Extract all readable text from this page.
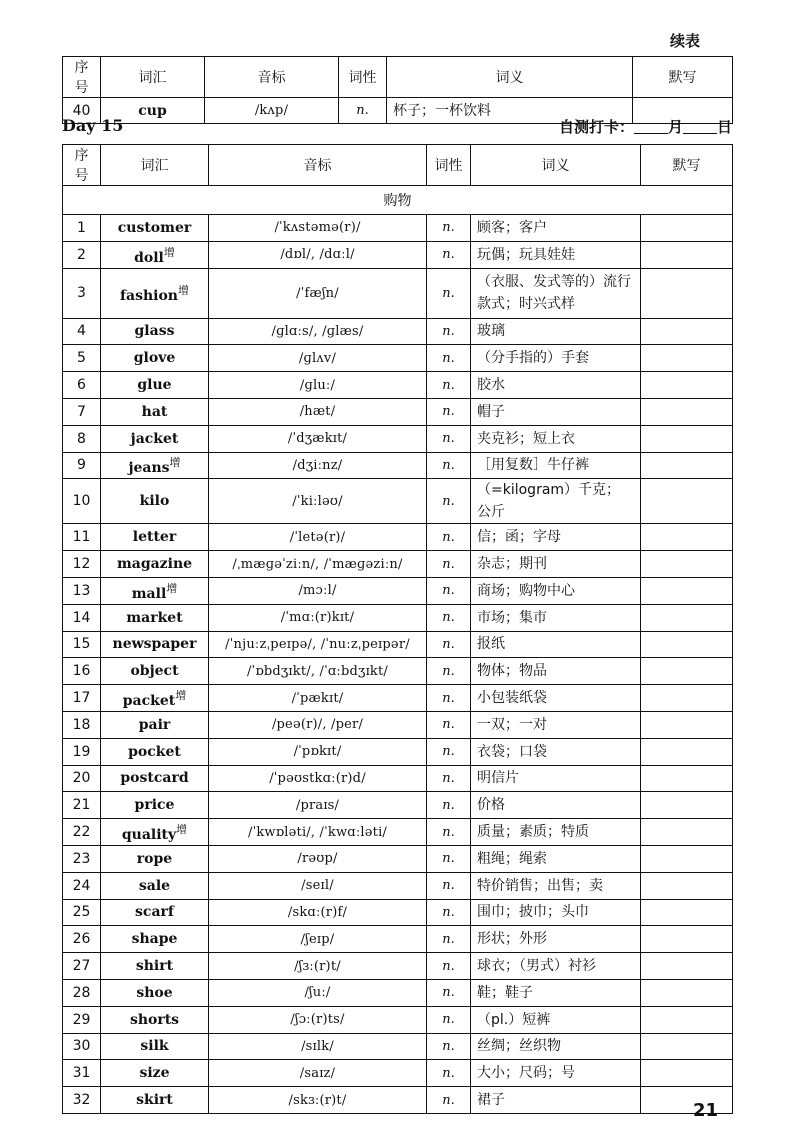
续表
序号	词汇	音标	词性	词义	默写
40	cup	/kʌp/	n.	杯子；一杯饮料	
Day 15	自测打卡： 月 日
序号	词汇	音标	词性	词义	默写
购物					
1	customer	/ˈkʌstəmə(r)/	n.	顾客；客户	
2	doll$^增$	/dɒl/, /dɑːl/	n.	玩偶；玩具娃娃	
3	fashion$^增$	/ˈfæʃn/	n.	（衣服、发式等的）流行款式；时兴式样	
4	glass	/ɡlɑːs/, /ɡlæs/	n.	玻璃	
5	glove	/ɡlʌv/	n.	（分手指的）手套	
6	glue	/ɡluː/	n.	胶水	
7	hat	/hæt/	n.	帽子	
8	jacket	/ˈdʒækɪt/	n.	夹克衫；短上衣	
9	jeans$^增$	/dʒiːnz/	n.	［用复数］牛仔裤	
10	kilo	/ˈkiːləʊ/	n.	（=kilogram）千克；公斤	
11	letter	/ˈletə(r)/	n.	信；函；字母	
12	magazine	/ˌmæɡəˈziːn/, /ˈmæɡəziːn/	n.	杂志；期刊	
13	mall$^增$	/mɔːl/	n.	商场；购物中心	
14	market	/ˈmɑː(r)kɪt/	n.	市场；集市	
15	newspaper	/ˈnjuːzˌpeɪpə/, /ˈnuːzˌpeɪpər/	n.	报纸	
16	object	/ˈɒbdʒɪkt/, /ˈɑːbdʒɪkt/	n.	物体；物品	
17	packet$^增$	/ˈpækɪt/	n.	小包装纸袋	
18	pair	/peə(r)/, /per/	n.	一双；一对	
19	pocket	/ˈpɒkɪt/	n.	衣袋；口袋	
20	postcard	/ˈpəʊstkɑː(r)d/	n.	明信片	
21	price	/praɪs/	n.	价格	
22	quality$^增$	/ˈkwɒləti/, /ˈkwɑːləti/	n.	质量；素质；特质	
23	rope	/rəʊp/	n.	粗绳；绳索	
24	sale	/seɪl/	n.	特价销售；出售；卖	
25	scarf	/skɑː(r)f/	n.	围巾；披巾；头巾	
26	shape	/ʃeɪp/	n.	形状；外形	
27	shirt	/ʃɜː(r)t/	n.	球衣；（男式）衬衫	
28	shoe	/ʃuː/	n.	鞋；鞋子	
29	shorts	/ʃɔː(r)ts/	n.	（pl.）短裤	
30	silk	/sɪlk/	n.	丝绸；丝织物	
31	size	/saɪz/	n.	大小；尺码；号	
32	skirt	/skɜː(r)t/	n.	裙子		21
